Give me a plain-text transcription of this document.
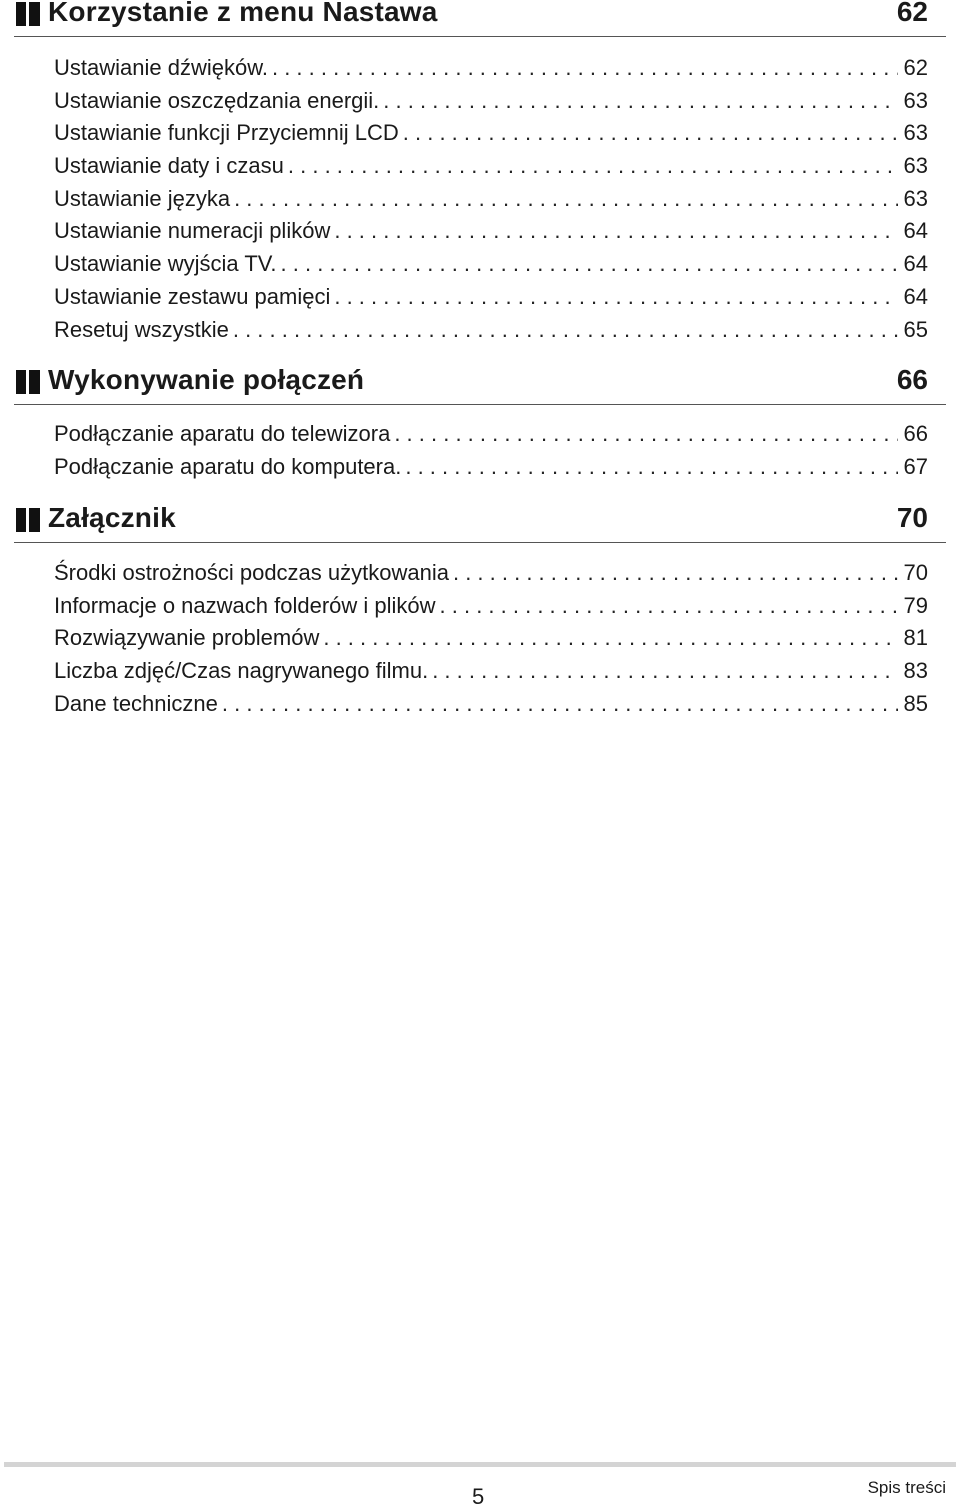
Korzystanie z menu Nastawa	62
Ustawianie dźwięków. . . .	62
Ustawianie oszczędzania energii. . . .	63
Ustawianie funkcji Przyciemnij LCD . . .	63
Ustawianie daty i czasu . . .	63
Ustawianie języka . . .	63
Ustawianie numeracji plików . . .	64
Ustawianie wyjścia TV. . . .	64
Ustawianie zestawu pamięci . . .	64
Resetuj wszystkie . . .	65
Wykonywanie połączeń	66
Podłączanie aparatu do telewizora . . .	66
Podłączanie aparatu do komputera. . . .	67
Załącznik	70
Środki ostrożności podczas użytkowania . . .	70
Informacje o nazwach folderów i plików . . .	79
Rozwiązywanie problemów . . .	81
Liczba zdjęć/Czas nagrywanego filmu. . . .	83
Dane techniczne . . .	85
5	Spis treści
